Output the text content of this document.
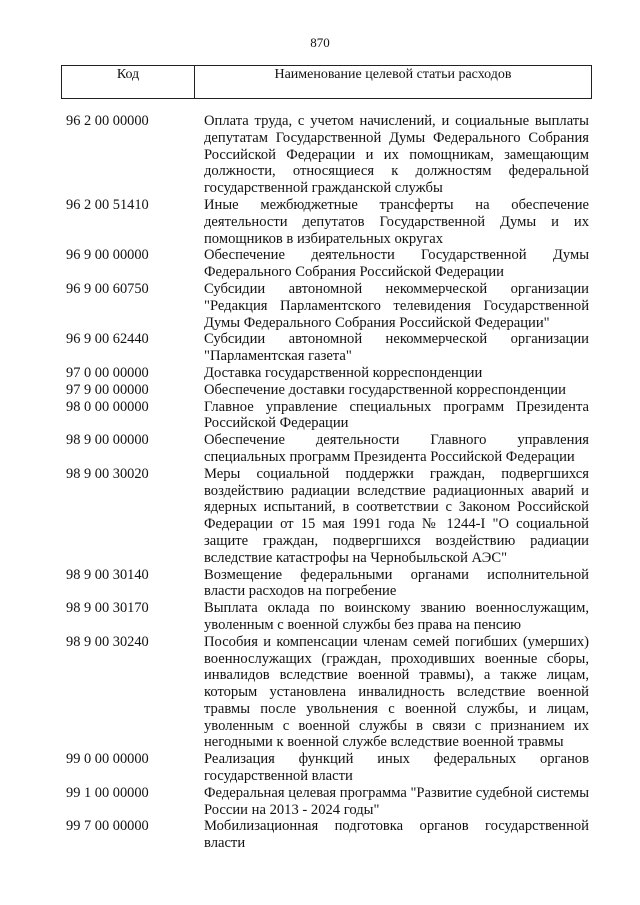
870
Код	Наименование целевой статьи расходов
96 2 00 00000	Оплата труда, с учетом начислений, и социальные выплаты депутатам Государственной Думы Федерального Собрания Российской Федерации и их помощникам, замещающим должности, относящиеся к должностям федеральной государственной гражданской службы
96 2 00 51410	Иные межбюджетные трансферты на обеспечение деятельности депутатов Государственной Думы и их помощников в избирательных округах
96 9 00 00000	Обеспечение деятельности Государственной Думы Федерального Собрания Российской Федерации
96 9 00 60750	Субсидии автономной некоммерческой организации "Редакция Парламентского телевидения Государственной Думы Федерального Собрания Российской Федерации"
96 9 00 62440	Субсидии автономной некоммерческой организации "Парламентская газета"
97 0 00 00000	Доставка государственной корреспонденции
97 9 00 00000	Обеспечение доставки государственной корреспонденции
98 0 00 00000	Главное управление специальных программ Президента Российской Федерации
98 9 00 00000	Обеспечение деятельности Главного управления специальных программ Президента Российской Федерации
98 9 00 30020	Меры социальной поддержки граждан, подвергшихся воздействию радиации вследствие радиационных аварий и ядерных испытаний, в соответствии с Законом Российской Федерации от 15 мая 1991 года № 1244-I "О социальной защите граждан, подвергшихся воздействию радиации вследствие катастрофы на Чернобыльской АЭС"
98 9 00 30140	Возмещение федеральными органами исполнительной власти расходов на погребение
98 9 00 30170	Выплата оклада по воинскому званию военнослужащим, уволенным с военной службы без права на пенсию
98 9 00 30240	Пособия и компенсации членам семей погибших (умерших) военнослужащих (граждан, проходивших военные сборы, инвалидов вследствие военной травмы), а также лицам, которым установлена инвалидность вследствие военной травмы после увольнения с военной службы, и лицам, уволенным с военной службы в связи с признанием их негодными к военной службе вследствие военной травмы
99 0 00 00000	Реализация функций иных федеральных органов государственной власти
99 1 00 00000	Федеральная целевая программа "Развитие судебной системы России на 2013 - 2024 годы"
99 7 00 00000	Мобилизационная подготовка органов государственной власти
